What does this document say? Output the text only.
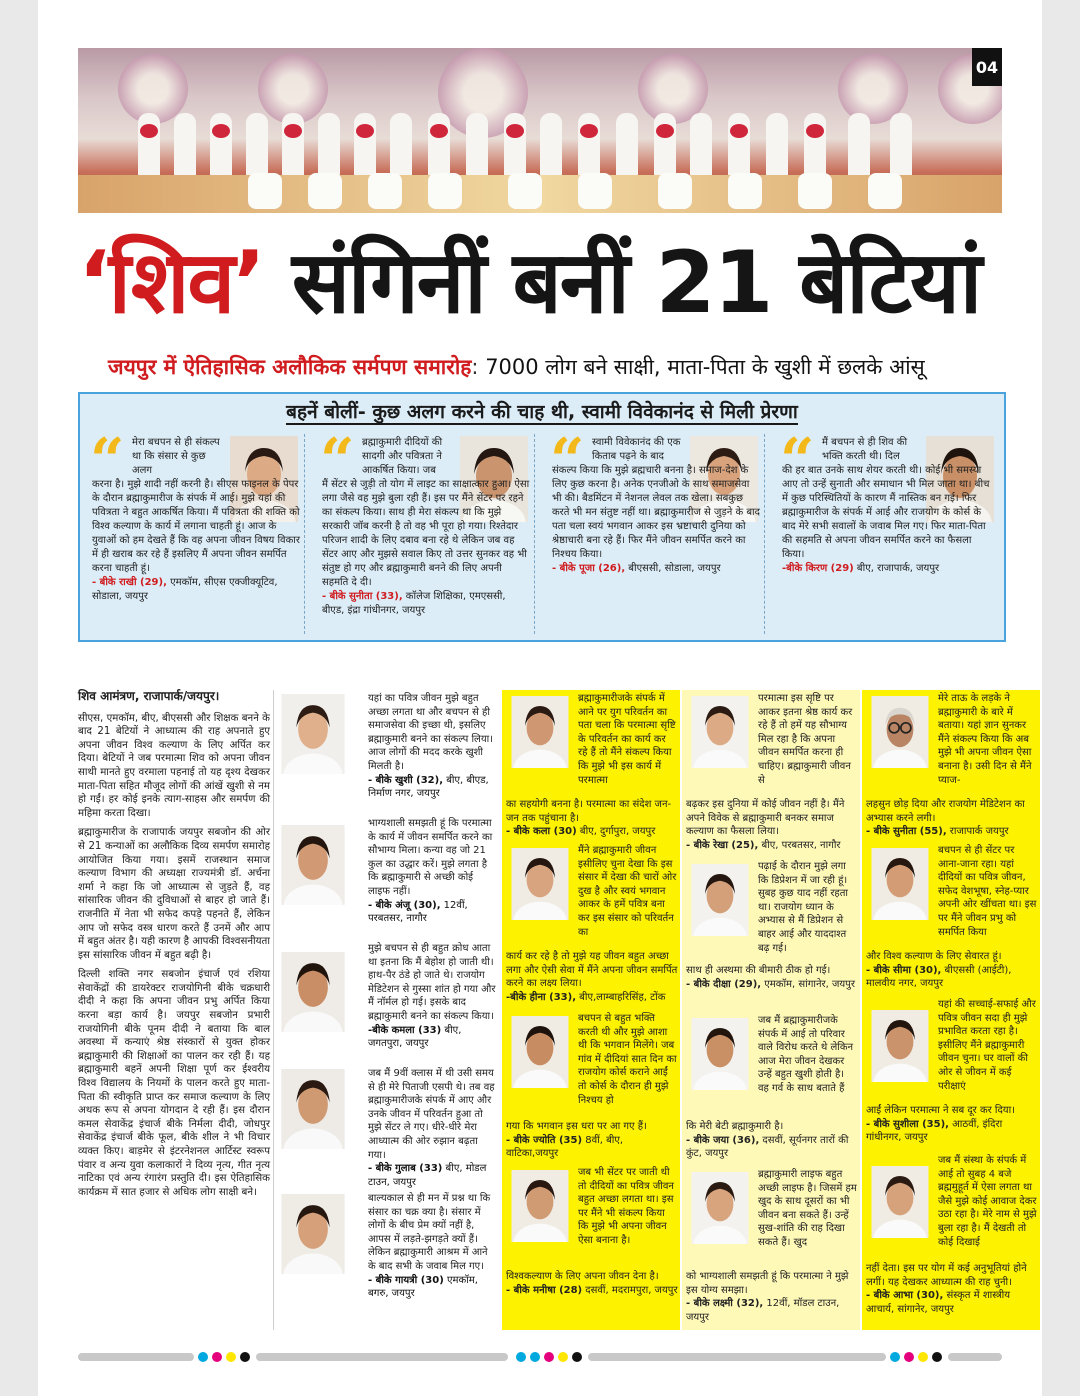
04
‘शिव’ संगिनीं बनीं 21 बेटियां
जयपुर में ऐतिहासिक अलौकिक सर्मपण समारोह: 7000 लोग बने साक्षी, माता-पिता के खुशी में छलके आंसू
बहनें बोलीं- कुछ अलग करने की चाह थी, स्वामी विवेकानंद से मिली प्रेरणा
“ मेरा बचपन से ही संकल्प था कि संसार से कुछ अलग
करना है। मुझे शादी नहीं करनी है। सीएस फाइनल के पेपर के दौरान ब्रह्माकुमारीज के संपर्क में आई। मुझे यहां की पवित्रता ने बहुत आकर्षित किया। मैं पवित्रता की शक्ति को विश्व कल्याण के कार्य में लगाना चाहती हूं। आज के युवाओं को हम देखते हैं कि वह अपना जीवन विषय विकार में ही खराब कर रहे हैं इसलिए मैं अपना जीवन समर्पित करना चाहती हूं।
- बीके राखी (29), एमकॉम, सीएस एक्जीक्यूटिव, सोडाला, जयपुर
“ ब्रह्माकुमारी दीदियों की सादगी और पवित्रता ने आकर्षित किया। जब
मैं सेंटर से जुड़ी तो योग में लाइट का साक्षात्कार हुआ। ऐसा लगा जैसे वह मुझे बुला रही हैं। इस पर मैंने सेंटर पर रहने का संकल्प किया। साथ ही मेरा संकल्प था कि मुझे सरकारी जॉब करनी है तो वह भी पूरा हो गया। रिश्तेदार परिजन शादी के लिए दबाव बना रहे थे लेकिन जब वह सेंटर आए और मुझसे सवाल किए तो उत्तर सुनकर वह भी संतुष्ट हो गए और ब्रह्माकुमारी बनने की लिए अपनी सहमति दे दी।
- बीके सुनीता (33), कॉलेज शिक्षिका, एमएससी, बीएड, इंद्रा गांधीनगर, जयपुर
“ स्वामी विवेकानंद की एक किताब पढ़ने के बाद
संकल्प किया कि मुझे ब्रह्मचारी बनना है। समाज-देश के लिए कुछ करना है। अनेक एनजीओ के साथ समाजसेवा भी की। बैडमिंटन में नेशनल लेवल तक खेला। सबकुछ करते भी मन संतुष्ट नहीं था। ब्रह्माकुमारीज से जुड़ने के बाद पता चला स्वयं भगवान आकर इस भ्रष्टाचारी दुनिया को श्रेष्ठाचारी बना रहे हैं। फिर मैंने जीवन समर्पित करने का निश्चय किया।
- बीके पूजा (26), बीएससी, सोडाला, जयपुर
“ मैं बचपन से ही शिव की भक्ति करती थी। दिल
की हर बात उनके साथ शेयर करती थी। कोई भी समस्या आए तो उन्हें सुनाती और समाधान भी मिल जाता था। बीच में कुछ परिस्थितियों के कारण मैं नास्तिक बन गई। फिर ब्रह्माकुमारीज के संपर्क में आई और राजयोग के कोर्स के बाद मेरे सभी सवालों के जवाब मिल गए। फिर माता-पिता की सहमति से अपना जीवन समर्पित करने का फैसला किया।
-बीके किरण (29) बीए, राजापार्क, जयपुर
शिव आमंत्रण, राजापार्क/जयपुर।

सीएस, एमकॉम, बीए, बीएससी और शिक्षक बनने के बाद 21 बेटियों ने आध्यात्म की राह अपनाते हुए अपना जीवन विश्व कल्याण के लिए अर्पित कर दिया। बेटियों ने जब परमात्मा शिव को अपना जीवन साथी मानते हुए वरमाला पहनाई तो यह दृश्य देखकर माता-पिता सहित मौजूद लोगों की आंखें खुशी से नम हो गईं। हर कोई इनके त्याग-साहस और समर्पण की महिमा करता दिखा।

ब्रह्माकुमारीज के राजापार्क जयपुर सबजोन की ओर से 21 कन्याओं का अलौकिक दिव्य समर्पण समारोह आयोजित किया गया। इसमें राजस्थान समाज कल्याण विभाग की अध्यक्षा राज्यमंत्री डॉ. अर्चना शर्मा ने कहा कि जो आध्यात्म से जुड़ते हैं, वह सांसारिक जीवन की दुविधाओं से बाहर हो जाते हैं। राजनीति में नेता भी सफेद कपड़े पहनते हैं, लेकिन आप जो सफेद वस्त्र धारण करते हैं उनमें और आप में बहुत अंतर है। यही कारण है आपकी विश्वसनीयता इस सांसारिक जीवन में बहुत बढ़ी है।

दिल्ली शक्ति नगर सबजोन इंचार्ज एवं रशिया सेवाकेंद्रों की डायरेक्टर राजयोगिनी बीके चक्रधारी दीदी ने कहा कि अपना जीवन प्रभु अर्पित किया करना बड़ा कार्य है। जयपुर सबजोन प्रभारी राजयोगिनी बीके पूनम दीदी ने बताया कि बाल अवस्था में कन्याएं श्रेष्ठ संस्कारों से युक्त होकर ब्रह्माकुमारी की शिक्षाओं का पालन कर रही हैं। यह ब्रह्माकुमारी बहनें अपनी शिक्षा पूर्ण कर ईश्वरीय विश्व विद्यालय के नियमों के पालन करते हुए माता-पिता की स्वीकृति प्राप्त कर समाज कल्याण के लिए अथक रूप से अपना योगदान दे रही हैं। इस दौरान कमल सेवाकेंद्र इंचार्ज बीके निर्मला दीदी, जोधपुर सेवाकेंद्र इंचार्ज बीके फूल, बीके शील ने भी विचार व्यक्त किए। बाड़मेर से इंटरनेशनल आर्टिस्ट स्वरूप पंवार व अन्य युवा कलाकारों ने दिव्य नृत्य, गीत नृत्य नाटिका एवं अन्य रंगारंग प्रस्तुति दी। इस ऐतिहासिक कार्यक्रम में सात हजार से अधिक लोग साक्षी बने।

यहां का पवित्र जीवन मुझे बहुत अच्छा लगता था और बचपन से ही समाजसेवा की इच्छा थी, इसलिए ब्रह्माकुमारी बनने का संकल्प लिया। आज लोगों की मदद करके खुशी मिलती है।
- बीके खुशी (32), बीए, बीएड, निर्माण नगर, जयपुर
भाग्यशाली समझती हूं कि परमात्मा के कार्य में जीवन समर्पित करने का सौभाग्य मिला। कन्या वह जो 21 कुल का उद्धार करें। मुझे लगता है कि ब्रह्माकुमारी से अच्छी कोई लाइफ नहीं।
- बीके अंजू (30), 12वीं, परबतसर, नागौर
मुझे बचपन से ही बहुत क्रोध आता था इतना कि मैं बेहोश हो जाती थी। हाथ-पैर ठंडे हो जाते थे। राजयोग मेडिटेशन से गुस्सा शांत हो गया और मैं नॉर्मल हो गई। इसके बाद ब्रह्माकुमारी बनने का संकल्प किया।
-बीके कमला (33) बीए, जगतपुरा, जयपुर
जब मैं 9वीं क्लास में थी उसी समय से ही मेरे पिताजी एसपी थे। तब वह ब्रह्माकुमारीजके संपर्क में आए और उनके जीवन में परिवर्तन हुआ तो मुझे सेंटर ले गए। धीरे-धीरे मेरा आध्यात्म की ओर रुझान बढ़ता गया।
- बीके गुलाब (33) बीए, मोडल टाउन, जयपुर
बाल्यकाल से ही मन में प्रश्न था कि संसार का चक्र क्या है। संसार में लोगों के बीच प्रेम क्यों नहीं है, आपस में लड़ते-झगड़ते क्यों हैं। लेकिन ब्रह्माकुमारी आश्रम में आने के बाद सभी के जवाब मिल गए।
- बीके गायत्री (30) एमकॉम, बगरु, जयपुर
ब्रह्माकुमारीजके संपर्क में आने पर युग परिवर्तन का पता चला कि परमात्मा सृष्टि के परिवर्तन का कार्य कर रहे हैं तो मैंने संकल्प किया कि मुझे भी इस कार्य में परमात्मा
का सहयोगी बनना है। परमात्मा का संदेश जन-जन तक पहुंचाना है।
- बीके कला (30) बीए, दुर्गापुरा, जयपुर
मैंने ब्रह्माकुमारी जीवन इसीलिए चुना देखा कि इस संसार में देखा की चारों ओर दुख है और स्वयं भगवान आकर के हमें पवित्र बना कर इस संसार को परिवर्तन का
कार्य कर रहे है तो मुझे यह जीवन बहुत अच्छा लगा और ऐसी सेवा में मैंने अपना जीवन समर्पित करने का लक्ष्य लिया।
-बीके हीना (33), बीए,लाम्बाहरिसिंह, टोंक
बचपन से बहुत भक्ति करती थी और मुझे आशा थी कि भगवान मिलेंगे। जब गांव में दीदियां सात दिन का राजयोग कोर्स कराने आईं तो कोर्स के दौरान ही मुझे निश्चय हो
गया कि भगवान इस धरा पर आ गए हैं।
- बीके ज्योति (35) 8वीं, बीए, वाटिका,जयपुर
जब भी सेंटर पर जाती थी तो दीदियों का पवित्र जीवन बहुत अच्छा लगता था। इस पर मैंने भी संकल्प किया कि मुझे भी अपना जीवन ऐसा बनाना है।
विश्वकल्याण के लिए अपना जीवन देना है।
- बीके मनीषा (28) दसवीं, मदरामपुरा, जयपुर
परमात्मा इस सृष्टि पर आकर इतना श्रेष्ठ कार्य कर रहे हैं तो हमें यह सौभाग्य मिल रहा है कि अपना जीवन समर्पित करना ही चाहिए। ब्रह्माकुमारी जीवन से
बढ़कर इस दुनिया में कोई जीवन नहीं है। मैंने अपने विवेक से ब्रह्माकुमारी बनकर समाज कल्याण का फैसला लिया।
- बीके रेखा (25), बीए, परबतसर, नागौर
पढ़ाई के दौरान मुझे लगा कि डिप्रेशन में जा रही हूं। सुबह कुछ याद नहीं रहता था। राजयोग ध्यान के अभ्यास से मैं डिप्रेशन से बाहर आई और याददाश्त बढ़ गई।
साथ ही अस्थमा की बीमारी ठीक हो गई।
- बीके दीक्षा (29), एमकॉम, सांगानेर, जयपुर
जब मैं ब्रह्माकुमारीजके संपर्क में आई तो परिवार वाले विरोध करते थे लेकिन आज मेरा जीवन देखकर उन्हें बहुत खुशी होती है। वह गर्व के साथ बताते हैं
कि मेरी बेटी ब्रह्माकुमारी है।
- बीके जया (36), दसवीं, सूर्यनगर तारों की कुंट, जयपुर
ब्रह्माकुमारी लाइफ बहुत अच्छी लाइफ है। जिसमें हम खुद के साथ दूसरों का भी जीवन बना सकते हैं। उन्हें सुख-शांति की राह दिखा सकते हैं। खुद
को भाग्यशाली समझती हूं कि परमात्मा ने मुझे इस योग्य समझा।
- बीके लक्ष्मी (32), 12वीं, मॉडल टाउन, जयपुर
मेरे ताऊ के लड़के ने ब्रह्माकुमारी के बारे में बताया। यहां ज्ञान सुनकर मैंने संकल्प किया कि अब मुझे भी अपना जीवन ऐसा बनाना है। उसी दिन से मैंने प्याज-
लहसुन छोड़ दिया और राजयोग मेडिटेशन का अभ्यास करने लगी।
- बीके सुनीता (55), राजापार्क जयपुर
बचपन से ही सेंटर पर आना-जाना रहा। यहां दीदियों का पवित्र जीवन, सफेद वेशभूषा, स्नेह-प्यार अपनी ओर खींचता था। इस पर मैंने जीवन प्रभु को समर्पित किया
और विश्व कल्याण के लिए सेवारत हूं।
- बीके सीमा (30), बीएससी (आईटी), मालवीय नगर, जयपुर
यहां की सच्चाई-सफाई और पवित्र जीवन सदा ही मुझे प्रभावित करता रहा है। इसीलिए मैंने ब्रह्माकुमारी जीवन चुना। घर वालों की ओर से जीवन में कई परीक्षाएं
आईं लेकिन परमात्मा ने सब दूर कर दिया।
- बीके सुशीला (35), आठवीं, इंदिरा गांधीनगर, जयपुर
जब मैं संस्था के संपर्क में आई तो सुबह 4 बजे ब्रह्ममुहूर्त में ऐसा लगता था जैसे मुझे कोई आवाज देकर उठा रहा है। मेरे नाम से मुझे बुला रहा है। मैं देखती तो कोई दिखाई
नहीं देता। इस पर योग में कई अनुभूतियां होने लगीं। यह देखकर आध्यात्म की राह चुनी।
- बीके आभा (30), संस्कृत में शास्त्रीय आचार्य, सांगानेर, जयपुर
